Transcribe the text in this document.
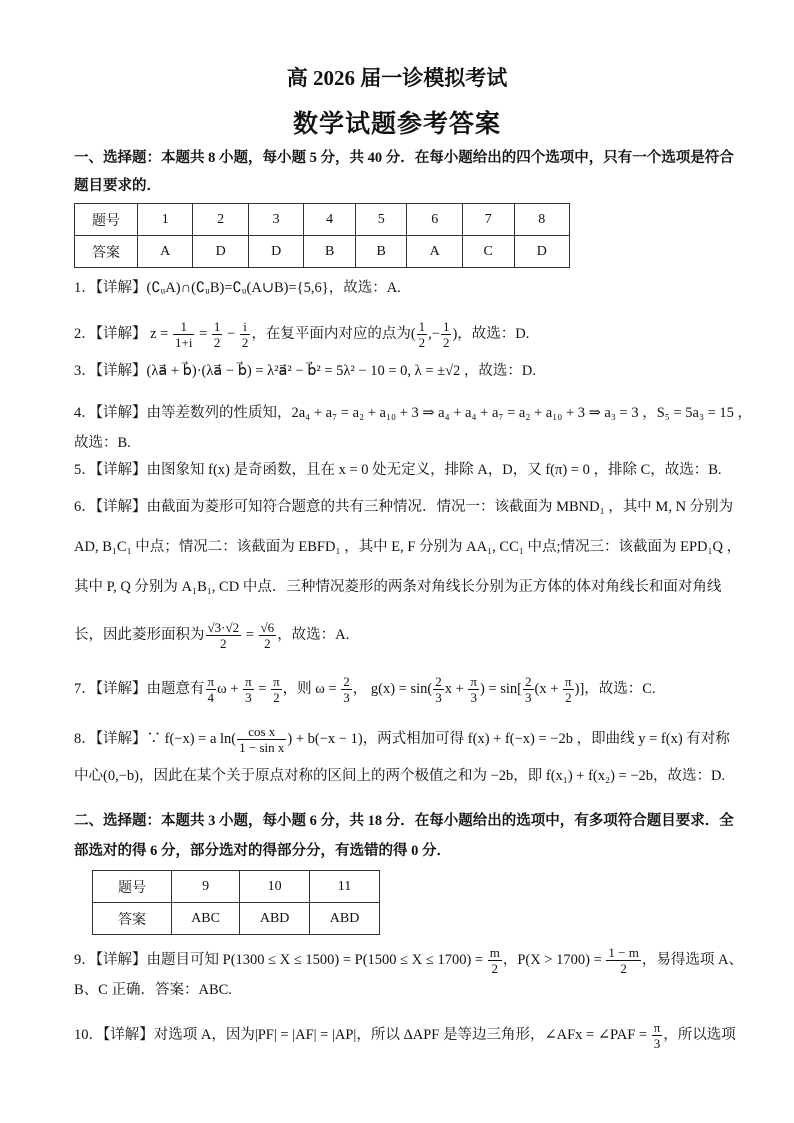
高 2026 届一诊模拟考试
数学试题参考答案
一、选择题：本题共 8 小题，每小题 5 分，共 40 分．在每小题给出的四个选项中，只有一个选项是符合
题目要求的．
题号	1	2	3	4	5	6	7	8
答案	A	D	D	B	B	A	C	D
1．【详解】(∁ᵤA)∩(∁ᵤB)=∁ᵤ(A∪B)={5,6}，故选：A.
2．【详解】 $z = \frac{1}{1+i} = \frac{1}{2} - \frac{i}{2}$ ，在复平面内对应的点为( $\frac{1}{2}$ ,− $\frac{1}{2}$ )，故选：D.
3．【详解】(λa⃗ + b⃗)·(λa⃗ − b⃗) = λ²a⃗² − b⃗² = 5λ² − 10 = 0, λ = ±√2 ，故选：D.
4．【详解】由等差数列的性质知，2a₄ + a₇ = a₂ + a₁₀ + 3 ⇒ a₄ + a₄ + a₇ = a₂ + a₁₀ + 3 ⇒ a₃ = 3 ，S₅ = 5a₃ = 15 ，
故选：B.
5．【详解】由图象知 f(x) 是奇函数，且在 x = 0 处无定义，排除 A，D，又 f(π) = 0 ，排除 C，故选：B.
6．【详解】由截面为菱形可知符合题意的共有三种情况．情况一：该截面为 MBND₁ ，其中 M, N 分别为
AD, B₁C₁ 中点；情况二：该截面为 EBFD₁ ，其中 E, F 分别为 AA₁, CC₁ 中点;情况三：该截面为 EPD₁Q ，
其中 P, Q 分别为 A₁B₁, CD 中点．三种情况菱形的两条对角线长分别为正方体的体对角线长和面对角线
长，因此菱形面积为 $\frac{√3\cdot√2}{2} = \frac{√6}{2}$ ，故选：A.
7．【详解】由题意有 $\frac{\pi}{4}$ $\omega + \frac{\pi}{3} = \frac{\pi}{2}$ ，则 $\omega = \frac{2}{3}$ ， $g(x) = \sin( \frac{2}{3}$ $x + \frac{\pi}{3}$ ) = $\sin[ \frac{2}{3} (x + \frac{\pi}{2}$ )]，故选：C.
8．【详解】∵ f(−x) = a $\ln( \frac{\text{cos x}}{\text{1 − sin x}}$ ) + b(−x − 1)，两式相加可得 f(x) + f(−x) = −2b ，即曲线 y = f(x) 有对称
中心(0,−b)，因此在某个关于原点对称的区间上的两个极值之和为 −2b，即 f(x₁) + f(x₂) = −2b，故选：D.
二、选择题：本题共 3 小题，每小题 6 分，共 18 分．在每小题给出的选项中，有多项符合题目要求．全
部选对的得 6 分，部分选对的得部分分，有选错的得 0 分．
题号	9	10	11
答案	ABC	ABD	ABD
9．【详解】由题目可知 $P(1300 \le X \le 1500) = P(1500 \le X \le 1700) = \frac{m}{2}$ ，$P(X > 1700) = \frac{1 - m}{2}$ ，易得选项 A、
B、C 正确．答案：ABC.
10．【详解】对选项 A，因为|PF| = |AF| = |AP|，所以 ΔAPF 是等边三角形，∠AFx = ∠PAF = $\frac{\pi}{3}$ ，所以选项
